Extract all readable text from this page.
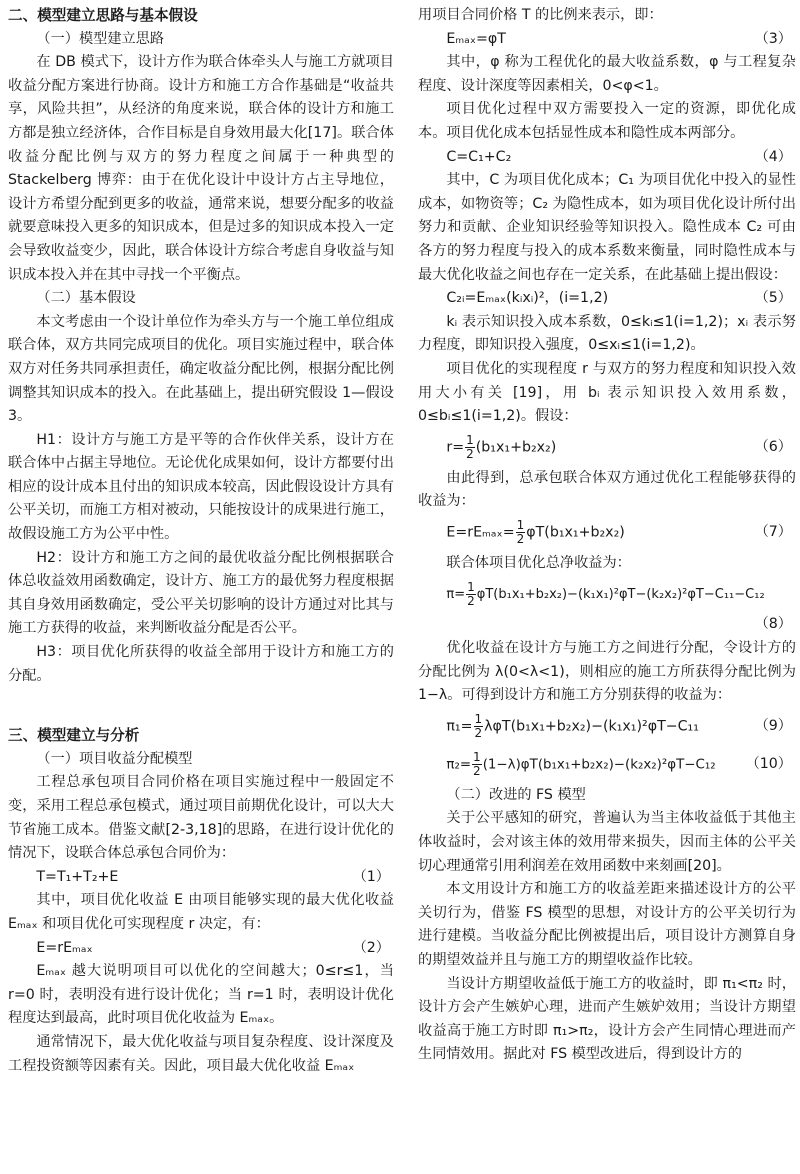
二、模型建立思路与基本假设
（一）模型建立思路
在 DB 模式下，设计方作为联合体牵头人与施工方就项目收益分配方案进行协商。设计方和施工方合作基础是“收益共享，风险共担”，从经济的角度来说，联合体的设计方和施工方都是独立经济体，合作目标是自身效用最大化[17]。联合体收益分配比例与双方的努力程度之间属于一种典型的 Stackelberg 博弈：由于在优化设计中设计方占主导地位，设计方希望分配到更多的收益，通常来说，想要分配多的收益就要意味投入更多的知识成本，但是过多的知识成本投入一定会导致收益变少，因此，联合体设计方综合考虑自身收益与知识成本投入并在其中寻找一个平衡点。
（二）基本假设
本文考虑由一个设计单位作为牵头方与一个施工单位组成联合体，双方共同完成项目的优化。项目实施过程中，联合体双方对任务共同承担责任，确定收益分配比例，根据分配比例调整其知识成本的投入。在此基础上，提出研究假设 1—假设 3。
H1：设计方与施工方是平等的合作伙伴关系，设计方在联合体中占据主导地位。无论优化成果如何，设计方都要付出相应的设计成本且付出的知识成本较高，因此假设设计方具有公平关切，而施工方相对被动，只能按设计的成果进行施工，故假设施工方为公平中性。
H2：设计方和施工方之间的最优收益分配比例根据联合体总收益效用函数确定，设计方、施工方的最优努力程度根据其自身效用函数确定，受公平关切影响的设计方通过对比其与施工方获得的收益，来判断收益分配是否公平。
H3：项目优化所获得的收益全部用于设计方和施工方的分配。
三、模型建立与分析
（一）项目收益分配模型
工程总承包项目合同价格在项目实施过程中一般固定不变，采用工程总承包模式，通过项目前期优化设计，可以大大节省施工成本。借鉴文献[2-3,18]的思路，在进行设计优化的情况下，设联合体总承包合同价为：
T=T₁+T₂+E	（1）
其中，项目优化收益 E 由项目能够实现的最大优化收益 Eₘₐₓ 和项目优化可实现程度 r 决定，有：
E=rEₘₐₓ	（2）
Eₘₐₓ 越大说明项目可以优化的空间越大；0≤r≤1，当 r=0 时，表明没有进行设计优化；当 r=1 时，表明设计优化程度达到最高，此时项目优化收益为 Eₘₐₓ。
通常情况下，最大优化收益与项目复杂程度、设计深度及工程投资额等因素有关。因此，项目最大优化收益 Eₘₐₓ
用项目合同价格 T 的比例来表示，即：
Eₘₐₓ=φT	（3）
其中，φ 称为工程优化的最大收益系数，φ 与工程复杂程度、设计深度等因素相关，0<φ<1。
项目优化过程中双方需要投入一定的资源，即优化成本。项目优化成本包括显性成本和隐性成本两部分。
C=C₁+C₂	（4）
其中，C 为项目优化成本；C₁ 为项目优化中投入的显性成本，如物资等；C₂ 为隐性成本，如为项目优化设计所付出努力和贡献、企业知识经验等知识投入。隐性成本 C₂ 可由各方的努力程度与投入的成本系数来衡量，同时隐性成本与最大优化收益之间也存在一定关系，在此基础上提出假设：
C₂ᵢ=Eₘₐₓ(kᵢxᵢ)²，(i=1,2)	（5）
kᵢ 表示知识投入成本系数，0≤kᵢ≤1(i=1,2)；xᵢ 表示努力程度，即知识投入强度，0≤xᵢ≤1(i=1,2)。
项目优化的实现程度 r 与双方的努力程度和知识投入效用大小有关 [19]，用 bᵢ 表示知识投入效用系数，0≤bᵢ≤1(i=1,2)。假设：
$r= \frac{1}{2} (b_1x_1+b_2x_2)$	（6）
由此得到，总承包联合体双方通过优化工程能够获得的收益为：
$E=rE_{max}= \frac{1}{2} \varphi T(b_1x_1+b_2x_2)$	（7）
联合体项目优化总净收益为：
$\pi= \frac{1}{2} \varphi T(b_1x_1+b_2x_2)-(k_1x_1)^2\varphi T-(k_2x_2)^2\varphi T-C_{11}-C_{12}$
（8）
优化收益在设计方与施工方之间进行分配，令设计方的分配比例为 λ(0<λ<1)，则相应的施工方所获得分配比例为 1−λ。可得到设计方和施工方分别获得的收益为：
$\pi_1= \frac{1}{2} \lambda\varphi T(b_1x_1+b_2x_2)-(k_1x_1)^2\varphi T-C_{11}$	（9）
$\pi_2= \frac{1}{2} (1-\lambda)\varphi T(b_1x_1+b_2x_2)-(k_2x_2)^2\varphi T-C_{12}$ （10）
（二）改进的 FS 模型
关于公平感知的研究，普遍认为当主体收益低于其他主体收益时，会对该主体的效用带来损失，因而主体的公平关切心理通常引用利润差在效用函数中来刻画[20]。
本文用设计方和施工方的收益差距来描述设计方的公平关切行为，借鉴 FS 模型的思想，对设计方的公平关切行为进行建模。当收益分配比例被提出后，项目设计方测算自身的期望效益并且与施工方的期望收益作比较。
当设计方期望收益低于施工方的收益时，即 π₁<π₂ 时，设计方会产生嫉妒心理，进而产生嫉妒效用；当设计方期望收益高于施工方时即 π₁>π₂，设计方会产生同情心理进而产生同情效用。据此对 FS 模型改进后，得到设计方的
